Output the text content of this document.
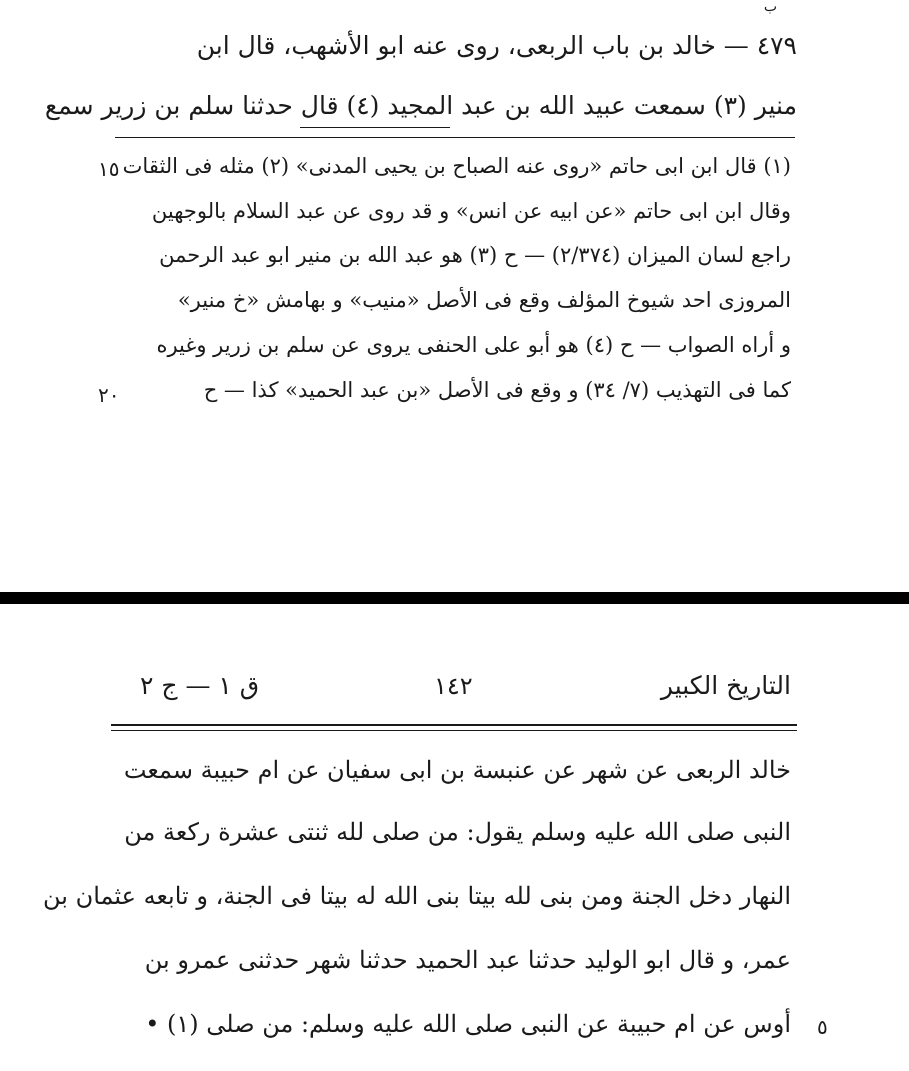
ب
٤٧٩ — خالد بن باب الربعى، روى عنه ابو الأشهب، قال ابن
منير (٣) سمعت عبيد الله بن عبد المجيد (٤) قال حدثنا سلم بن زرير سمع
(١) قال ابن ابى حاتم «روى عنه الصباح بن يحيى المدنى» (٢) مثله فى الثقات
وقال ابن ابى حاتم «عن ابيه عن انس» و قد روى عن عبد السلام بالوجهين
راجع لسان الميزان (٢/٣٧٤) — ح (٣) هو عبد الله بن منير ابو عبد الرحمن
المروزى احد شيوخ المؤلف وقع فى الأصل «منيب» و بهامش «خ منير»
و أراه الصواب — ح (٤) هو أبو على الحنفى يروى عن سلم بن زرير وغيره
كما فى التهذيب (٧/ ٣٤) و وقع فى الأصل «بن عبد الحميد» كذا — ح
١٥
٢٠
التاريخ الكبير
١٤٢
ق ١ — ج ٢
خالد الربعى عن شهر عن عنبسة بن ابى سفيان عن ام حبيبة سمعت
النبى صلى الله عليه وسلم يقول: من صلى لله ثنتى عشرة ركعة من
النهار دخل الجنة ومن بنى لله بيتا بنى الله له بيتا فى الجنة، و تابعه عثمان بن
عمر، و قال ابو الوليد حدثنا عبد الحميد حدثنا شهر حدثنى عمرو بن
أوس عن ام حبيبة عن النبى صلى الله عليه وسلم: من صلى (١) • ٥
